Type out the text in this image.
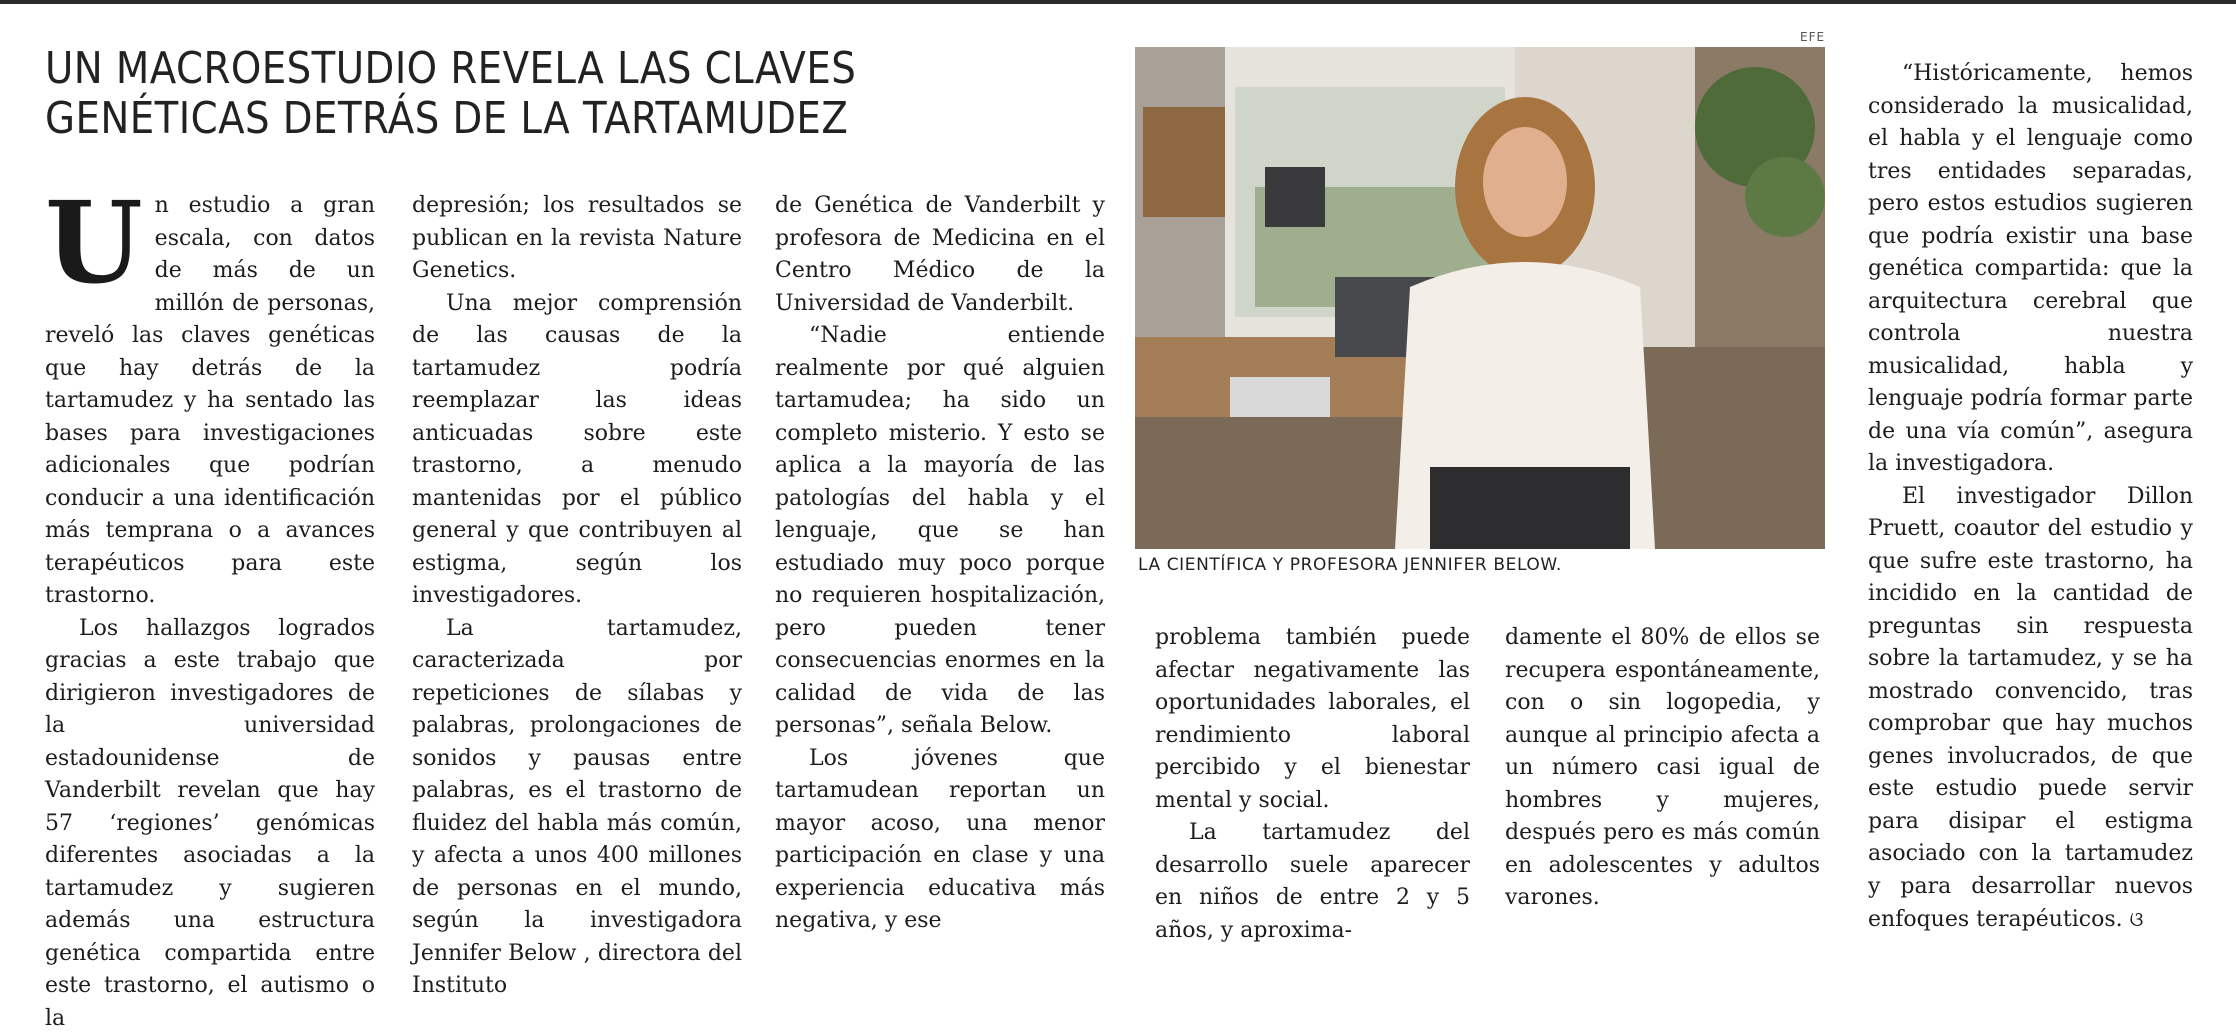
UN MACROESTUDIO REVELA LAS CLAVES
GENÉTICAS DETRÁS DE LA TARTAMUDEZ

Un estudio a gran escala, con datos de más de un millón de personas, reveló las claves genéticas que hay detrás de la tartamudez y ha sentado las bases para investigaciones adicionales que podrían conducir a una identificación más temprana o a avances terapéuticos para este trastorno.

Los hallazgos logrados gracias a este trabajo que dirigieron investigadores de la universidad estadounidense de Vanderbilt revelan que hay 57 ‘regiones’ genómicas diferentes asociadas a la tartamudez y sugieren además una estructura genética compartida entre este trastorno, el autismo o la

depresión; los resultados se publican en la revista Nature Genetics.

Una mejor comprensión de las causas de la tartamudez podría reemplazar las ideas anticuadas sobre este trastorno, a menudo mantenidas por el público general y que contribuyen al estigma, según los investigadores.

La tartamudez, caracterizada por repeticiones de sílabas y palabras, prolongaciones de sonidos y pausas entre palabras, es el trastorno de fluidez del habla más común, y afecta a unos 400 millones de personas en el mundo, según la investigadora Jennifer Below , directora del Instituto

de Genética de Vanderbilt y profesora de Medicina en el Centro Médico de la Universidad de Vanderbilt.

“Nadie entiende realmente por qué alguien tartamudea; ha sido un completo misterio. Y esto se aplica a la mayoría de las patologías del habla y el lenguaje, que se han estudiado muy poco porque no requieren hospitalización, pero pueden tener consecuencias enormes en la calidad de vida de las personas”, señala Below.

Los jóvenes que tartamudean reportan un mayor acoso, una menor participación en clase y una experiencia educativa más negativa, y ese

EFE
LA CIENTÍFICA Y PROFESORA JENNIFER BELOW.

problema también puede afectar negativamente las oportunidades laborales, el rendimiento laboral percibido y el bienestar mental y social.

La tartamudez del desarrollo suele aparecer en niños de entre 2 y 5 años, y aproxima-

damente el 80% de ellos se recupera espontáneamente, con o sin logopedia, y aunque al principio afecta a un número casi igual de hombres y mujeres, después pero es más común en adolescentes y adultos varones.

“Históricamente, hemos considerado la musicalidad, el habla y el lenguaje como tres entidades separadas, pero estos estudios sugieren que podría existir una base genética compartida: que la arquitectura cerebral que controla nuestra musicalidad, habla y lenguaje podría formar parte de una vía común”, asegura la investigadora.

El investigador Dillon Pruett, coautor del estudio y que sufre este trastorno, ha incidido en la cantidad de preguntas sin respuesta sobre la tartamudez, y se ha mostrado convencido, tras comprobar que hay muchos genes involucrados, de que este estudio puede servir para disipar el estigma asociado con la tartamudez y para desarrollar nuevos enfoques terapéuticos. ଓ
